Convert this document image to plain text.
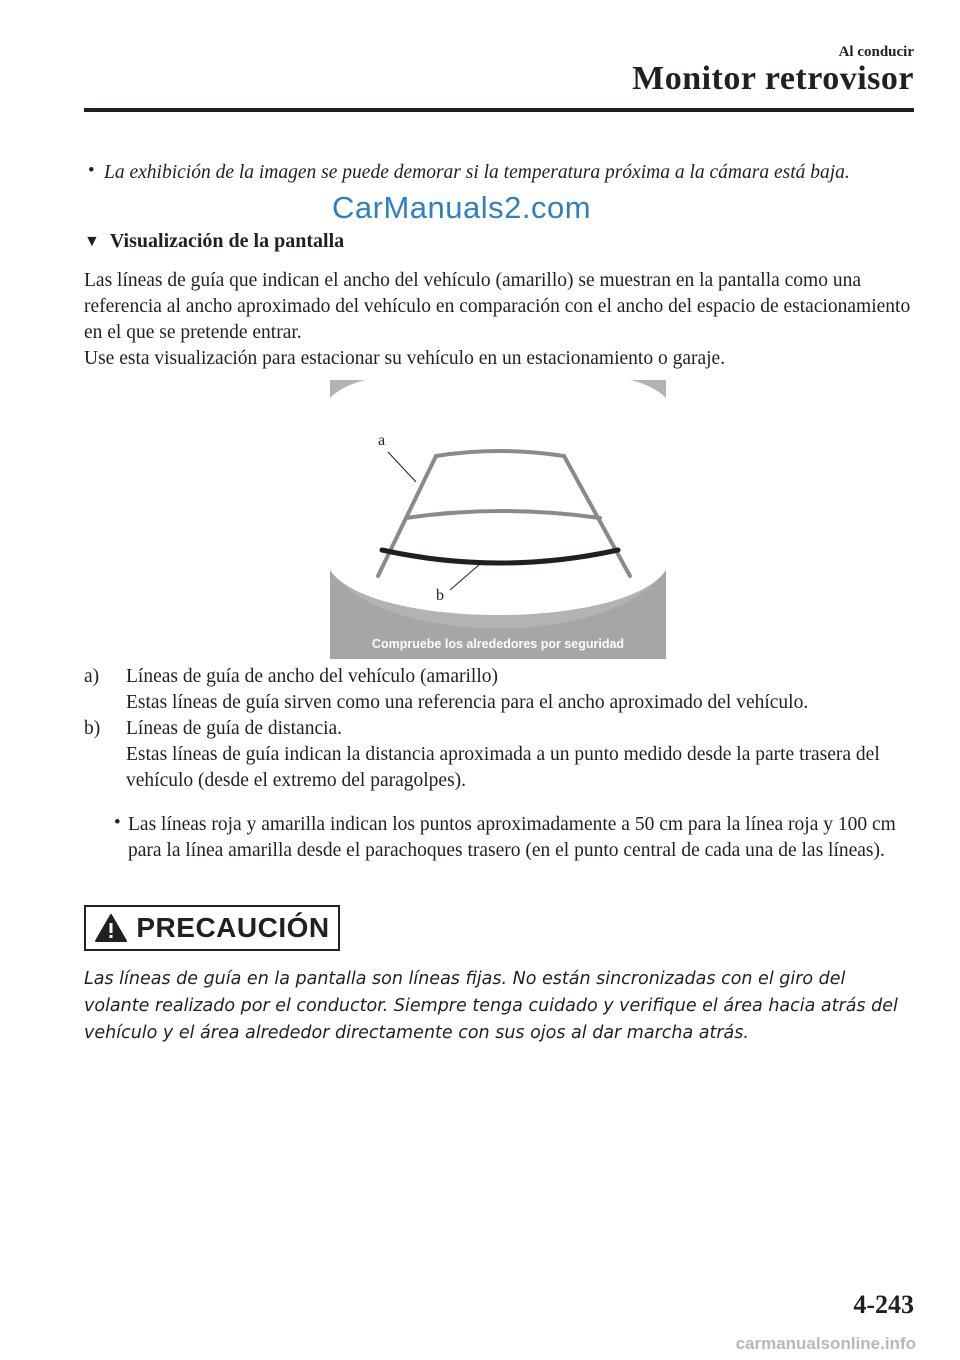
Al conducir
Monitor retrovisor
• La exhibición de la imagen se puede demorar si la temperatura próxima a la cámara está baja.
CarManuals2.com
▼ Visualización de la pantalla
Las líneas de guía que indican el ancho del vehículo (amarillo) se muestran en la pantalla como una referencia al ancho aproximado del vehículo en comparación con el ancho del espacio de estacionamiento en el que se pretende entrar.
Use esta visualización para estacionar su vehículo en un estacionamiento o garaje.
a
b
Compruebe los alrededores por seguridad
a) Líneas de guía de ancho del vehículo (amarillo)
Estas líneas de guía sirven como una referencia para el ancho aproximado del vehículo.
b) Líneas de guía de distancia.
Estas líneas de guía indican la distancia aproximada a un punto medido desde la parte trasera del vehículo (desde el extremo del paragolpes).
• Las líneas roja y amarilla indican los puntos aproximadamente a 50 cm para la línea roja y 100 cm para la línea amarilla desde el parachoques trasero (en el punto central de cada una de las líneas).
PRECAUCIÓN
Las líneas de guía en la pantalla son líneas fijas. No están sincronizadas con el giro del volante realizado por el conductor. Siempre tenga cuidado y verifique el área hacia atrás del vehículo y el área alrededor directamente con sus ojos al dar marcha atrás.
4-243
carmanualsonline.info
